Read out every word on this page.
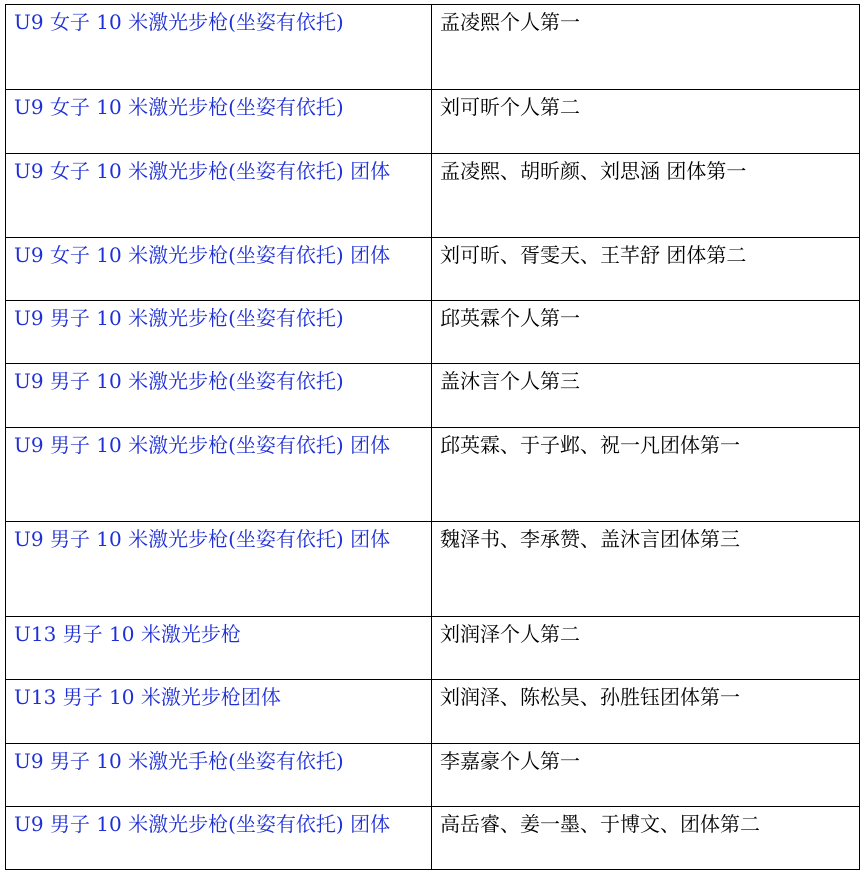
U9 女子 10 米激光步枪(坐姿有依托)	孟凌熙个人第一

U9 女子 10 米激光步枪(坐姿有依托)	刘可昕个人第二

U9 女子 10 米激光步枪(坐姿有依托) 团体	孟凌熙、胡昕颜、刘思涵 团体第一

U9 女子 10 米激光步枪(坐姿有依托) 团体	刘可昕、胥雯天、王芊舒 团体第二

U9 男子 10 米激光步枪(坐姿有依托)	邱英霖个人第一

U9 男子 10 米激光步枪(坐姿有依托)	盖沐言个人第三

U9 男子 10 米激光步枪(坐姿有依托) 团体	邱英霖、于子邺、祝一凡团体第一

U9 男子 10 米激光步枪(坐姿有依托) 团体	魏泽书、李承赞、盖沐言团体第三

U13 男子 10 米激光步枪	刘润泽个人第二

U13 男子 10 米激光步枪团体	刘润泽、陈松昊、孙胜钰团体第一

U9 男子 10 米激光手枪(坐姿有依托)	李嘉豪个人第一

U9 男子 10 米激光步枪(坐姿有依托) 团体	高岳睿、姜一墨、于博文、团体第二
